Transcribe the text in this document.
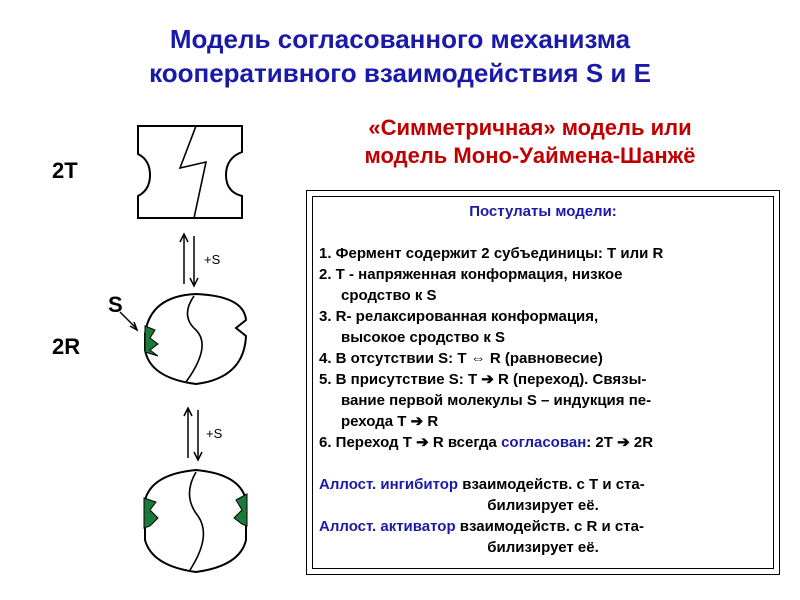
Модель согласованного механизма
кооперативного взаимодействия S и E
«Симметричная» модель или
модель Моно-Уаймена-Шанжё
2T
S
2R
+S
+S
Постулаты модели:
1. Фермент содержит 2 субъединицы: T или R
2. T - напряженная конформация, низкое
сродство к S
3. R- релаксированная конформация,
высокое сродство к S
4. В отсутствии S: T ⇔ R (равновесие)
5. В присутствие S: T ➔ R (переход). Связы-
вание первой молекулы S – индукция пе-
рехода T ➔ R
6. Переход T ➔ R всегда согласован: 2T ➔ 2R
Аллост. ингибитор взаимодейств. с T и ста-
билизирует её.
Аллост. активатор взаимодейств. с R и ста-
билизирует её.
